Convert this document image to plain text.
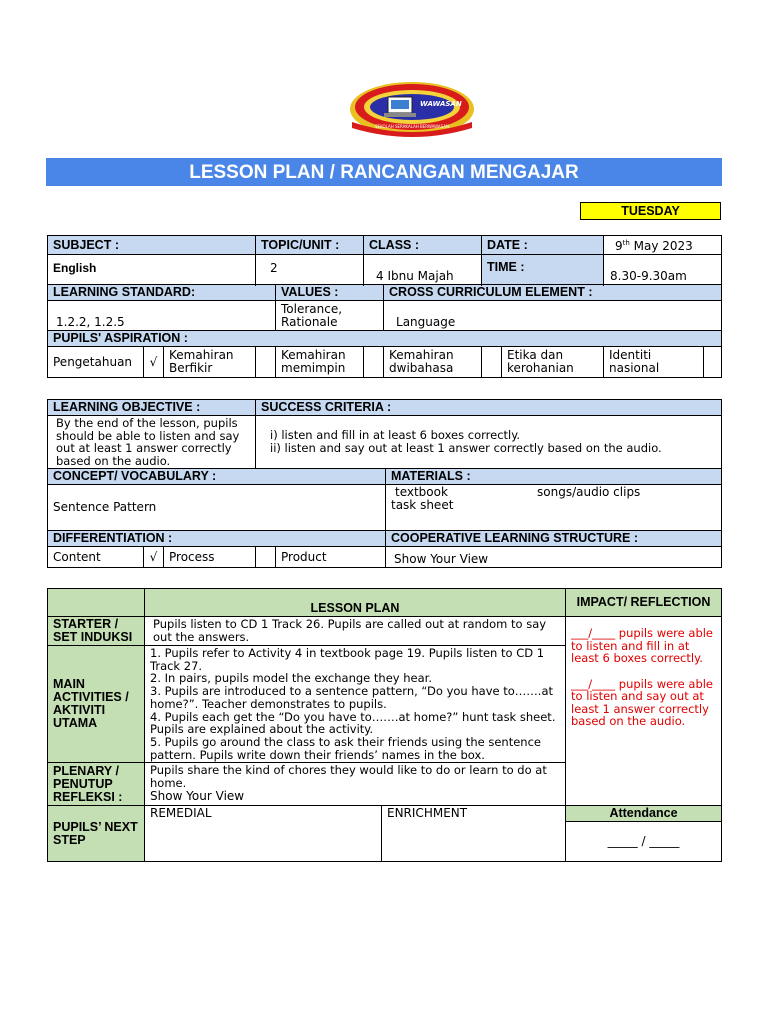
WAWASAN
SEKOLAH SERAKALAH BERWAWASAN
LESSON PLAN / RANCANGAN MENGAJAR
TUESDAY
SUBJECT :			TOPIC/UNIT :		CLASS :		DATE :		9th May 2023	
English			2		4 Ibnu Majah		TIME :		8.30-9.30am	

LEARNING STANDARD:				VALUES :		CROSS CURRICULUM ELEMENT :				
1.2.2, 1.2.5				Tolerance, Rationale		Language				
PUPILS' ASPIRATION :										
Pengetahuan	√	Kemahiran Berfikir		Kemahiran memimpin		Kemahiran dwibahasa		Etika dan kerohanian	Identiti nasional	
LEARNING OBJECTIVE :	SUCCESS CRITERIA :	
By the end of the lesson, pupils should be able to listen and say out at least 1 answer correctly based on the audio.	i) listen and fill in at least 6 boxes correctly.
ii) listen and say out at least 1 answer correctly based on the audio.	

CONCEPT/ VOCABULARY :		MATERIALS :
Sentence Pattern		textbook songs/audio clips
task sheet

DIFFERENTIATION :		COOPERATIVE LEARNING STRUCTURE :
Content	√	Process		Product	Show Your View
	LESSON PLAN		IMPACT/ REFLECTION
STARTER / SET INDUKSI	Pupils listen to CD 1 Track 26. Pupils are called out at random to say out the answers.		___/____ pupils were able to listen and fill in at least 6 boxes correctly.
___/____ pupils were able to listen and say out at least 1 answer correctly based on the audio.

MAIN ACTIVITIES / AKTIVITI UTAMA	1. Pupils refer to Activity 4 in textbook page 19. Pupils listen to CD 1 Track 27.
2. In pairs, pupils model the exchange they hear.
3. Pupils are introduced to a sentence pattern, “Do you have to…….at home?”. Teacher demonstrates to pupils.
4. Pupils each get the “Do you have to…….at home?” hunt task sheet. Pupils are explained about the activity.
5. Pupils go around the class to ask their friends using the sentence pattern. Pupils write down their friends’ names in the box.		

PLENARY / PENUTUP REFLEKSI :	Pupils share the kind of chores they would like to do or learn to do at home.
Show Your View		

PUPILS’ NEXT STEP	REMEDIAL	ENRICHMENT	Attendance
			_____ / _____
